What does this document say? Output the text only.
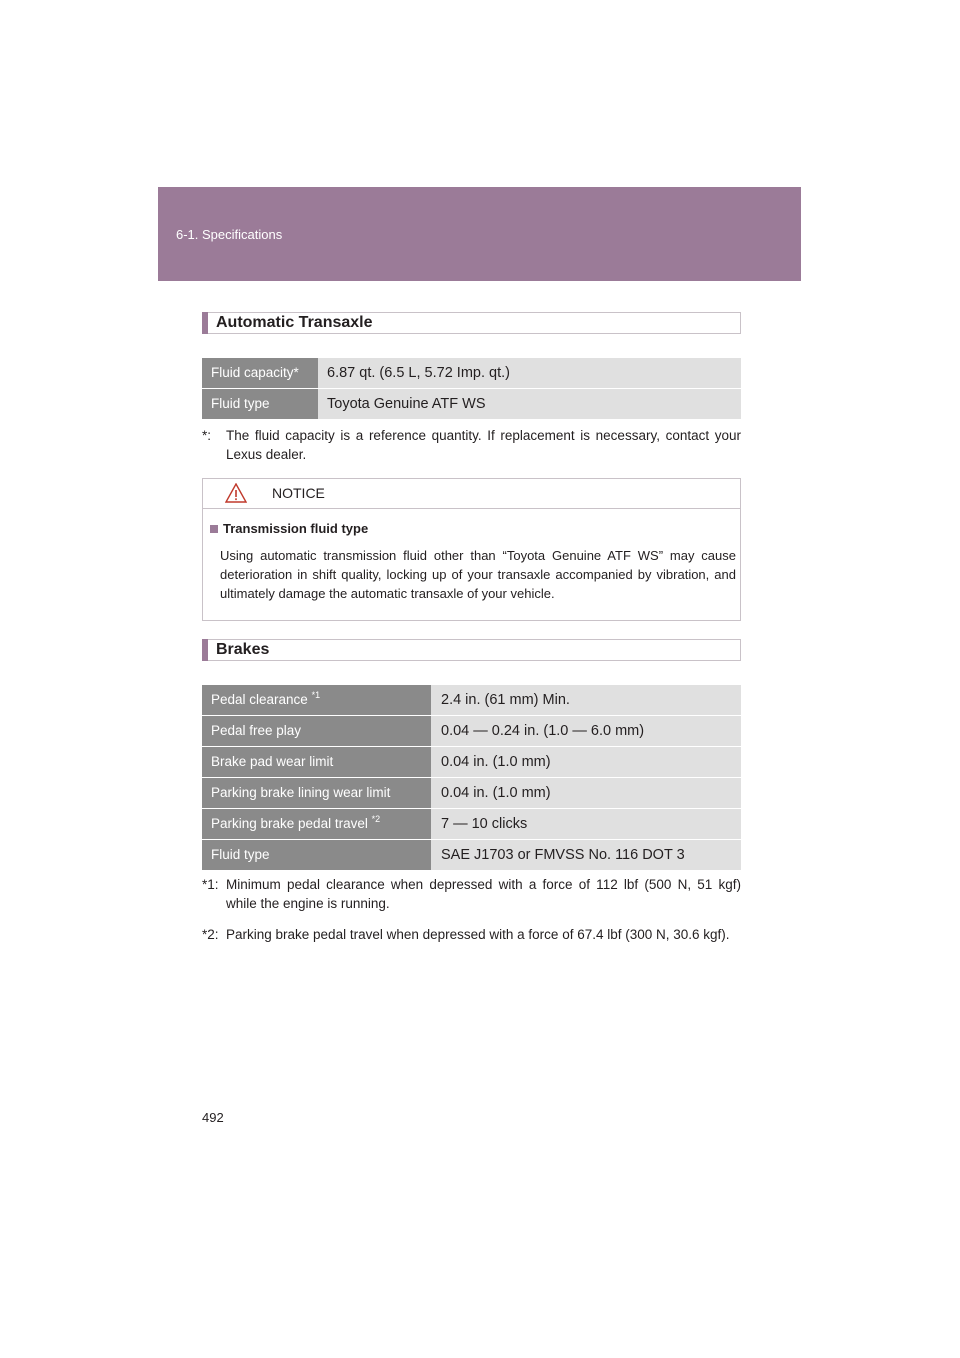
6-1. Specifications
Automatic Transaxle
Fluid capacity*	6.87 qt. (6.5 L, 5.72 Imp. qt.)
Fluid type	Toyota Genuine ATF WS
*:	The fluid capacity is a reference quantity. If replacement is necessary, contact your Lexus dealer.
NOTICE
Transmission fluid type
Using automatic transmission fluid other than “Toyota Genuine ATF WS” may cause deterioration in shift quality, locking up of your transaxle accompanied by vibration, and ultimately damage the automatic transaxle of your vehicle.
Brakes
Pedal clearance $^{*1}$	2.4 in. (61 mm) Min.
Pedal free play	0.04 — 0.24 in. (1.0 — 6.0 mm)
Brake pad wear limit	0.04 in. (1.0 mm)
Parking brake lining wear limit	0.04 in. (1.0 mm)
Parking brake pedal travel $^{*2}$	7 — 10 clicks
Fluid type	SAE J1703 or FMVSS No. 116 DOT 3
*1: Minimum pedal clearance when depressed with a force of 112 lbf (500 N, 51 kgf) while the engine is running.
*2: Parking brake pedal travel when depressed with a force of 67.4 lbf (300 N, 30.6 kgf).
492
